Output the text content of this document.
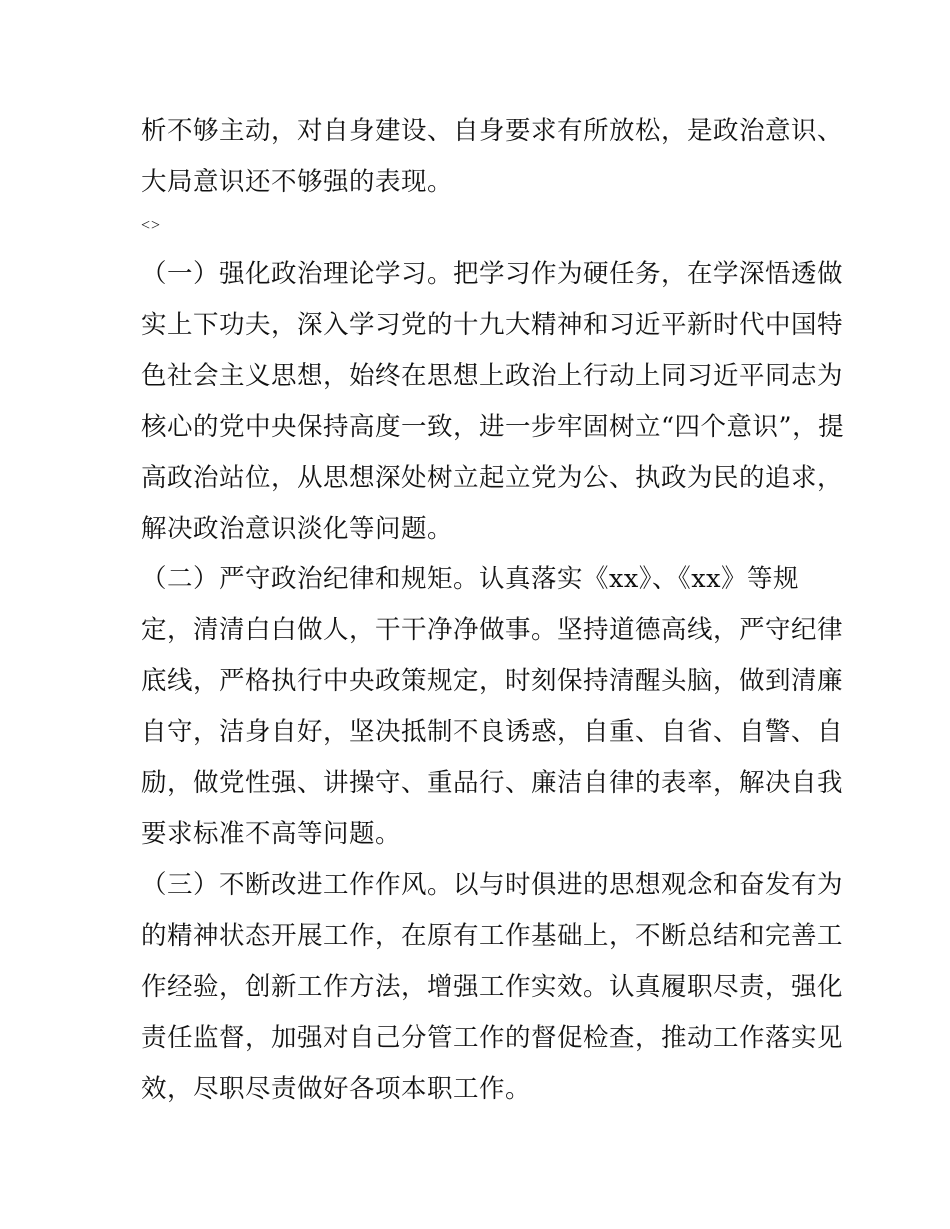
析不够主动，对自身建设、自身要求有所放松，是政治意识、
大局意识还不够强的表现。
<>
（一）强化政治理论学习。把学习作为硬任务，在学深悟透做
实上下功夫，深入学习党的十九大精神和习近平新时代中国特
色社会主义思想，始终在思想上政治上行动上同习近平同志为
核心的党中央保持高度一致，进一步牢固树立“四个意识”，提
高政治站位，从思想深处树立起立党为公、执政为民的追求，
解决政治意识淡化等问题。
（二）严守政治纪律和规矩。认真落实《xx》、《xx》等规
定，清清白白做人，干干净净做事。坚持道德高线，严守纪律
底线，严格执行中央政策规定，时刻保持清醒头脑，做到清廉
自守，洁身自好，坚决抵制不良诱惑，自重、自省、自警、自
励，做党性强、讲操守、重品行、廉洁自律的表率，解决自我
要求标准不高等问题。
（三）不断改进工作作风。以与时俱进的思想观念和奋发有为
的精神状态开展工作，在原有工作基础上，不断总结和完善工
作经验，创新工作方法，增强工作实效。认真履职尽责，强化
责任监督，加强对自己分管工作的督促检查，推动工作落实见
效，尽职尽责做好各项本职工作。
